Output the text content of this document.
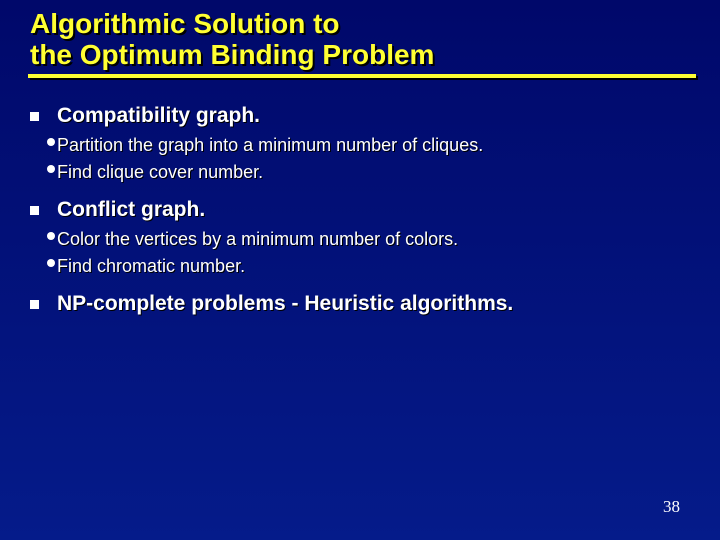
Algorithmic Solution to
the Optimum Binding Problem
Compatibility graph.
Partition the graph into a minimum number of cliques.
Find clique cover number.
Conflict graph.
Color the vertices by a minimum number of colors.
Find chromatic number.
NP-complete problems - Heuristic algorithms.
38
